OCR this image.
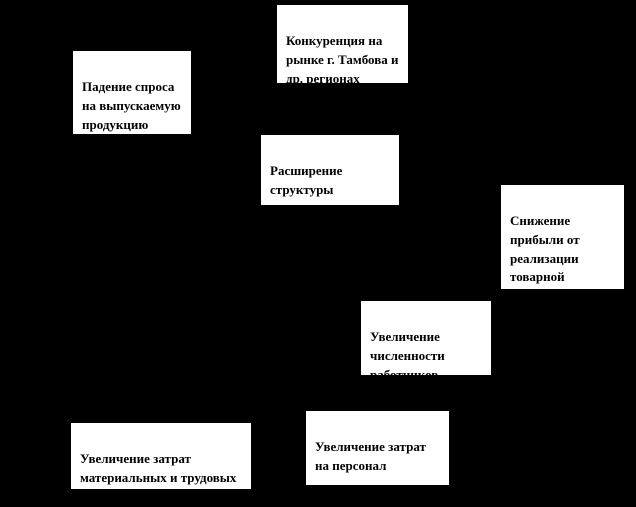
Конкуренция на рынке г. Тамбова и др. регионах

Падение спроса на выпускаемую продукцию

Расширение структуры продукции

Снижение прибыли от реализации товарной продукции

Увеличение численности работников

Увеличение затрат материальных и трудовых ресурсов

Увеличение затрат на персонал
